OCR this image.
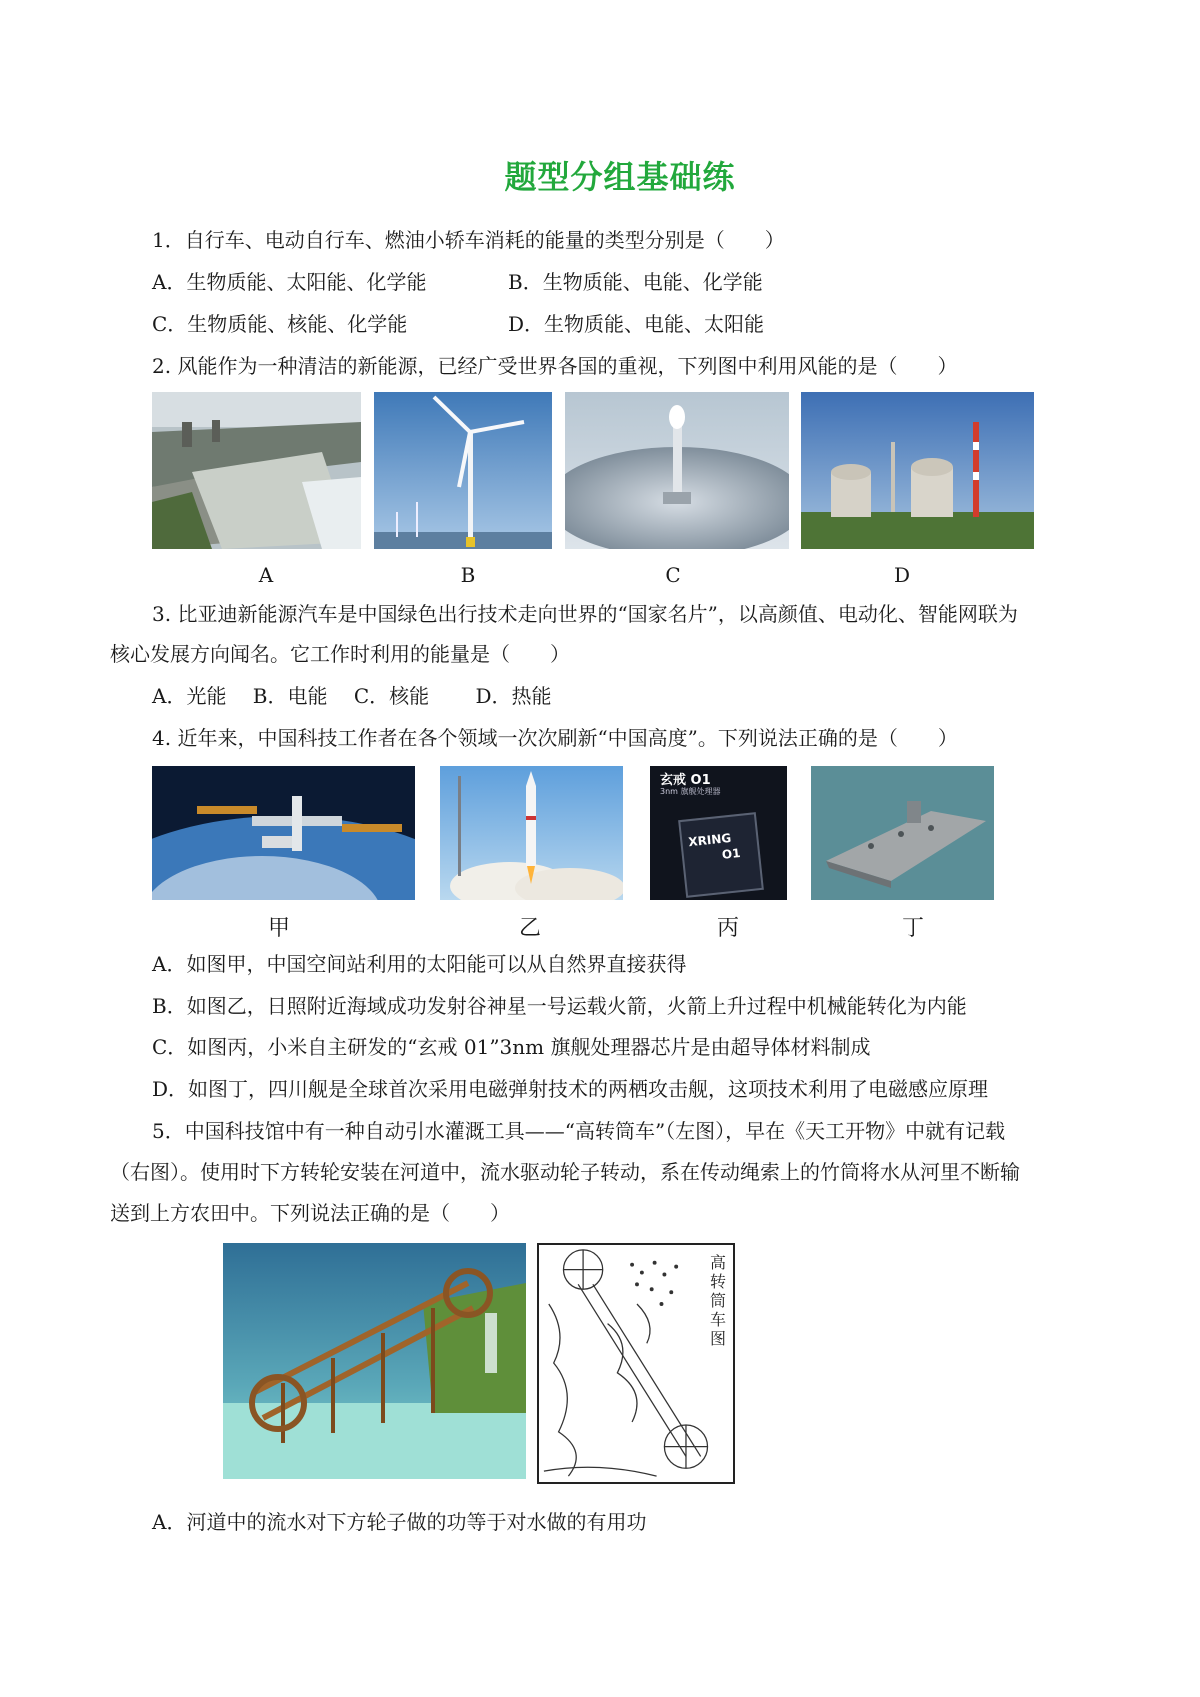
题型分组基础练
1．自行车、电动自行车、燃油小轿车消耗的能量的类型分别是（　　）
A．生物质能、太阳能、化学能	B．生物质能、电能、化学能
C．生物质能、核能、化学能	D．生物质能、电能、太阳能
2. 风能作为一种清洁的新能源，已经广受世界各国的重视，下列图中利用风能的是（　　）
A	B	C	D
3. 比亚迪新能源汽车是中国绿色出行技术走向世界的“国家名片”，以高颜值、电动化、智能网联为
核心发展方向闻名。它工作时利用的能量是（　　）
A．光能　 B．电能　 C．核能　　 D．热能
4. 近年来，中国科技工作者在各个领域一次次刷新“中国高度”。下列说法正确的是（　　）
玄戒 O1
3nm 旗舰处理器
XRING
O1
甲	乙	丙	丁
A．如图甲，中国空间站利用的太阳能可以从自然界直接获得
B．如图乙，日照附近海域成功发射谷神星一号运载火箭，火箭上升过程中机械能转化为内能
C．如图丙，小米自主研发的“玄戒 01”3nm 旗舰处理器芯片是由超导体材料制成
D．如图丁，四川舰是全球首次采用电磁弹射技术的两栖攻击舰，这项技术利用了电磁感应原理
5．中国科技馆中有一种自动引水灌溉工具——“高转筒车”（左图），早在《天工开物》中就有记载
（右图）。使用时下方转轮安装在河道中，流水驱动轮子转动，系在传动绳索上的竹筒将水从河里不断输
送到上方农田中。下列说法正确的是（　　）
高转筒车图
A．河道中的流水对下方轮子做的功等于对水做的有用功
